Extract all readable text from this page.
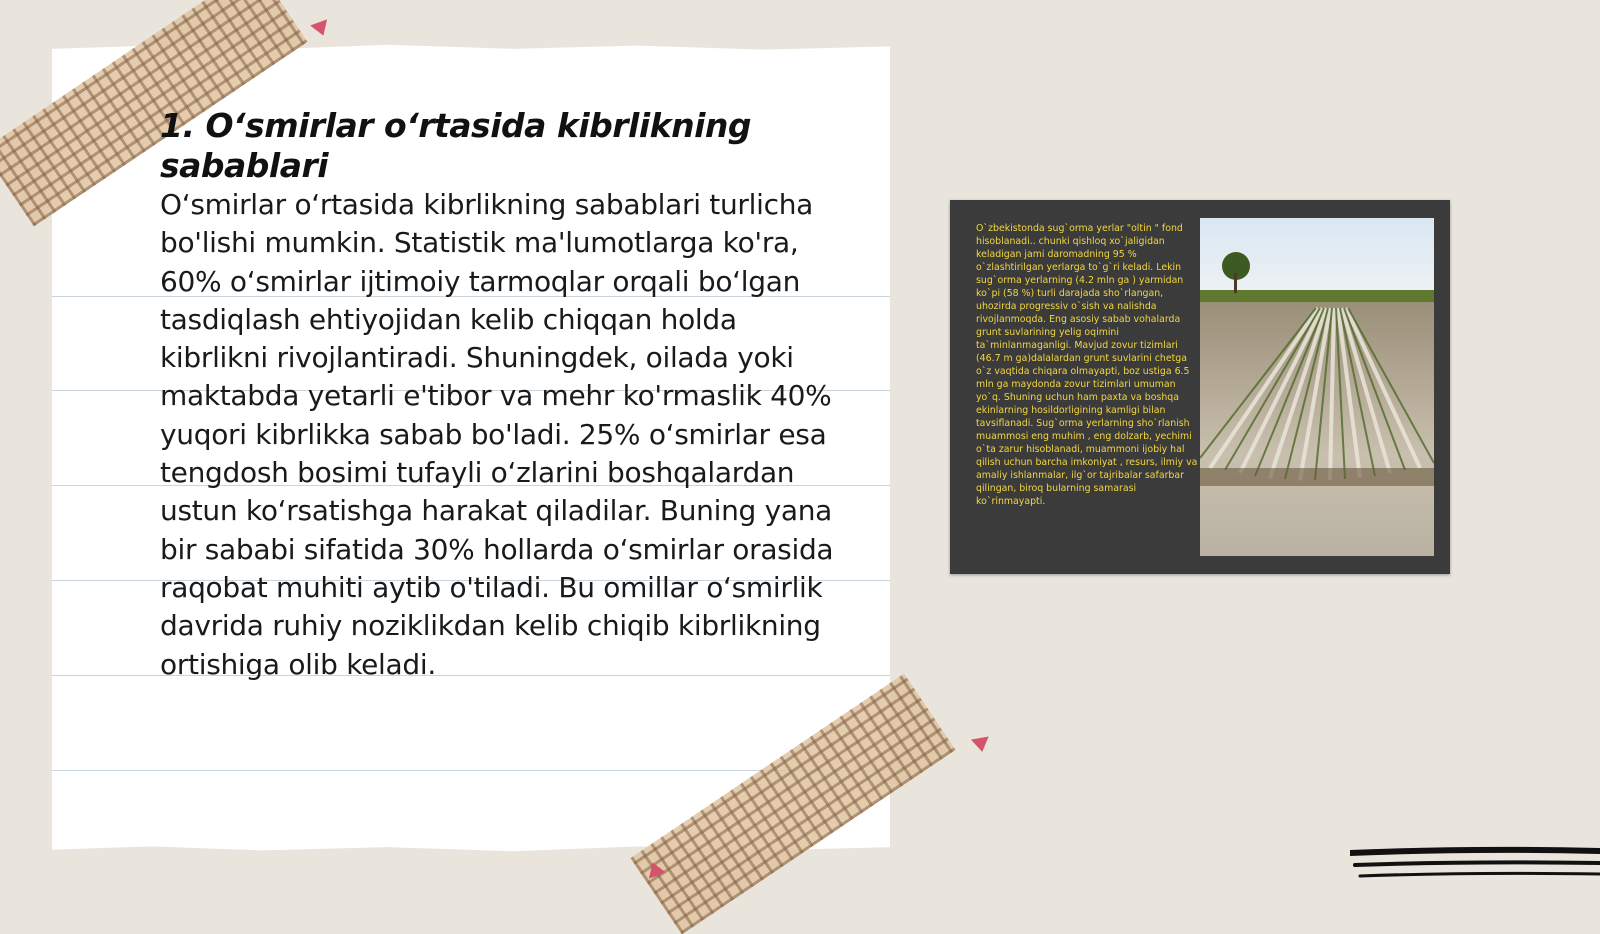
1. O‘smirlar o‘rtasida kibrlikning sabablari

O‘smirlar o‘rtasida kibrlikning sabablari turlicha bo'lishi mumkin. Statistik ma'lumotlarga ko'ra, 60% o‘smirlar ijtimoiy tarmoqlar orqali bo‘lgan tasdiqlash ehtiyojidan kelib chiqqan holda kibrlikni rivojlantiradi. Shuningdek, oilada yoki maktabda yetarli e'tibor va mehr ko'rmaslik 40% yuqori kibrlikka sabab bo'ladi. 25% o‘smirlar esa tengdosh bosimi tufayli o‘zlarini boshqalardan ustun ko‘rsatishga harakat qiladilar. Buning yana bir sababi sifatida 30% hollarda o‘smirlar orasida raqobat muhiti aytib o'tiladi. Bu omillar o‘smirlik davrida ruhiy noziklikdan kelib chiqib kibrlikning ortishiga olib keladi.

O`zbekistonda sug`orma yerlar "oltin " fond hisoblanadi.. chunki qishloq xo`jaligidan keladigan jami daromadning 95 % o`zlashtirilgan yerlarga to`g`ri keladi. Lekin sug`orma yerlarning (4.2 mln ga ) yarmidan ko`pi (58 %) turli darajada sho`rlangan, uhozirda progressiv o`sish va nalishda rivojlanmoqda. Eng asosiy sabab vohalarda grunt suvlarining yelig oqimini ta`minlanmaganligi. Mavjud zovur tizimlari (46.7 m ga)dalalardan grunt suvlarini chetga o`z vaqtida chiqara olmayapti, boz ustiga 6.5 mln ga maydonda zovur tizimlari umuman yo`q. Shuning uchun ham paxta va boshqa ekinlarning hosildorligining kamligi bilan tavsiflanadi. Sug`orma yerlarning sho`rlanish muammosi eng muhim , eng dolzarb, yechimi o`ta zarur hisoblanadi, muammoni ijobiy hal qilish uchun barcha imkoniyat , resurs, ilmiy va amaliy ishlanmalar, ilg`or tajribalar safarbar qilingan, biroq bularning samarasi ko`rinmayapti.
